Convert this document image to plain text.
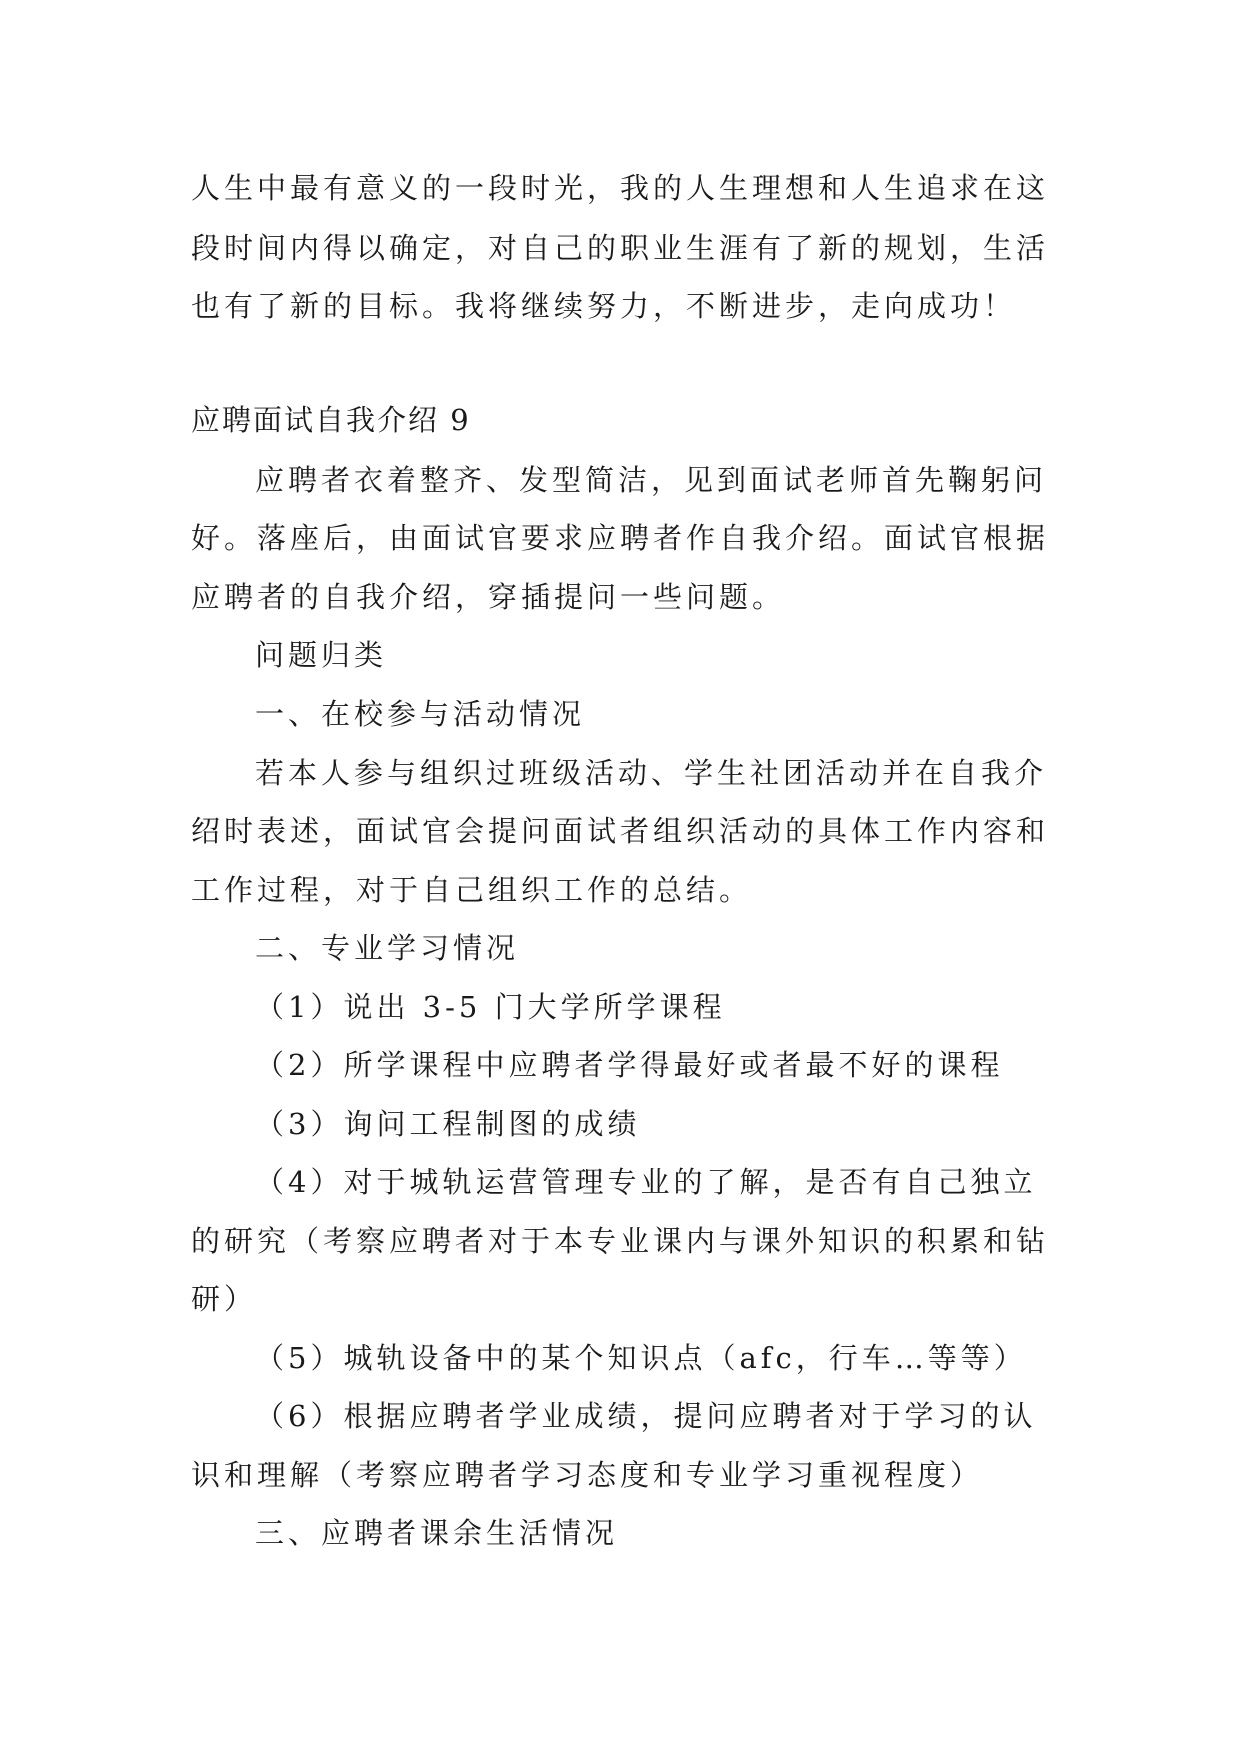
人生中最有意义的一段时光，我的人生理想和人生追求在这
段时间内得以确定，对自己的职业生涯有了新的规划，生活
也有了新的目标。我将继续努力，不断进步，走向成功！
应聘面试自我介绍 9
应聘者衣着整齐、发型简洁，见到面试老师首先鞠躬问
好。落座后，由面试官要求应聘者作自我介绍。面试官根据
应聘者的自我介绍，穿插提问一些问题。
问题归类
一、在校参与活动情况
若本人参与组织过班级活动、学生社团活动并在自我介
绍时表述，面试官会提问面试者组织活动的具体工作内容和
工作过程，对于自己组织工作的总结。
二、专业学习情况
（1）说出 3-5 门大学所学课程
（2）所学课程中应聘者学得最好或者最不好的课程
（3）询问工程制图的成绩
（4）对于城轨运营管理专业的了解，是否有自己独立
的研究（考察应聘者对于本专业课内与课外知识的积累和钻
研）
（5）城轨设备中的某个知识点（afc，行车…等等）
（6）根据应聘者学业成绩，提问应聘者对于学习的认
识和理解（考察应聘者学习态度和专业学习重视程度）
三、应聘者课余生活情况
